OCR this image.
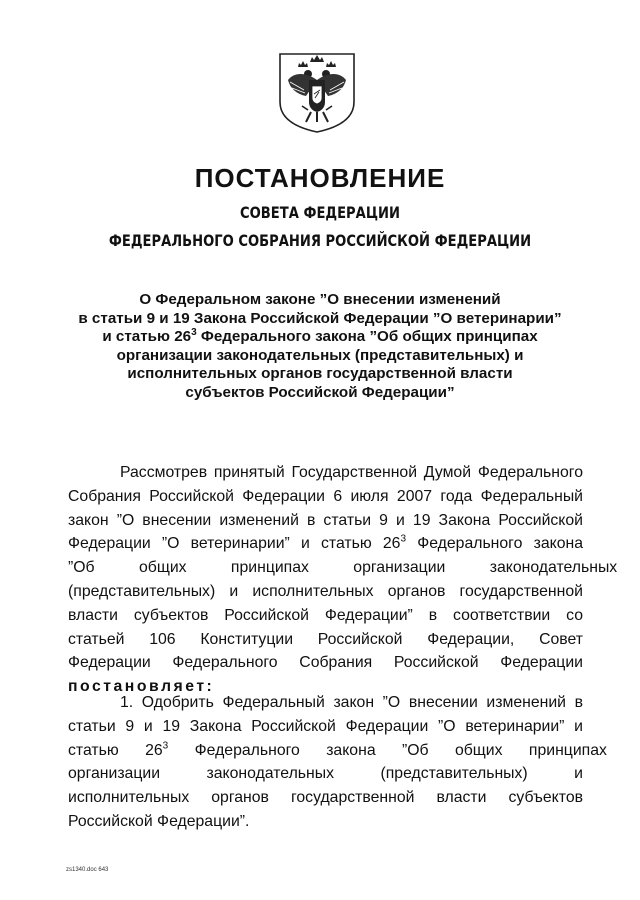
ПОСТАНОВЛЕНИЕ
СОВЕТА ФЕДЕРАЦИИ
ФЕДЕРАЛЬНОГО СОБРАНИЯ РОССИЙСКОЙ ФЕДЕРАЦИИ
О Федеральном законе ”О внесении изменений
в статьи 9 и 19 Закона Российской Федерации ”О ветеринарии”
и статью $26^3$ Федерального закона ”Об общих принципах
организации законодательных (представительных) и
исполнительных органов государственной власти
субъектов Российской Федерации”
Рассмотрев принятый Государственной Думой Федерального
Собрания Российской Федерации 6 июля 2007 года Федеральный
закон ”О внесении изменений в статьи 9 и 19 Закона Российской
Федерации ”О ветеринарии” и статью $26^3$ Федерального закона
”Об общих принципах организации законодательных
(представительных) и исполнительных органов государственной
власти субъектов Российской Федерации” в соответствии со
статьей 106 Конституции Российской Федерации, Совет
Федерации Федерального Собрания Российской Федерации
постановляет:
1. Одобрить Федеральный закон ”О внесении изменений в
статьи 9 и 19 Закона Российской Федерации ”О ветеринарии” и
статью $26^3$ Федерального закона ”Об общих принципах
организации законодательных (представительных) и
исполнительных органов государственной власти субъектов
Российской Федерации”.
zs1340.doc 643
